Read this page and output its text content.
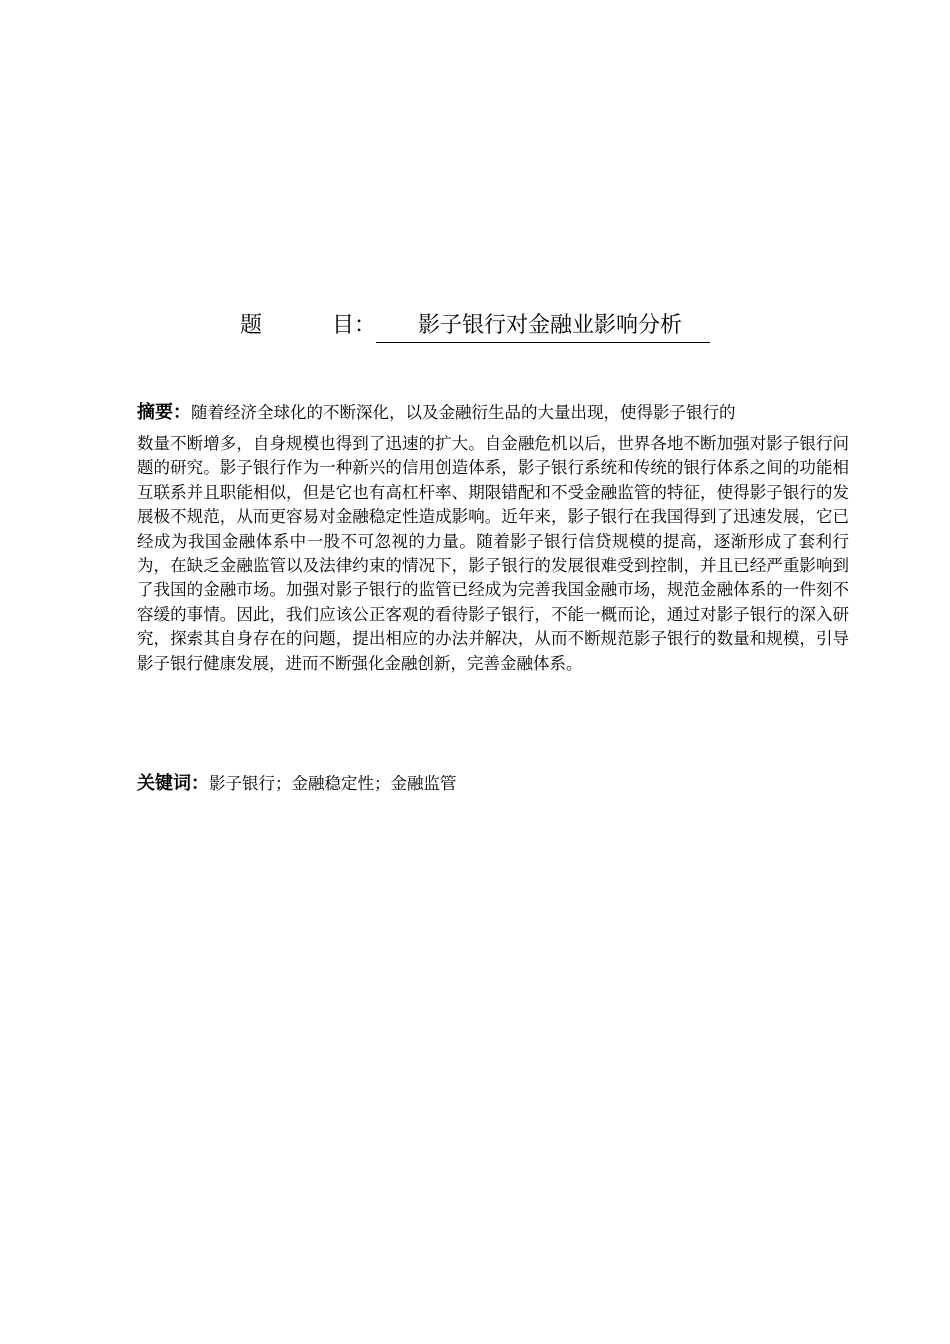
题	目： 影子银行对金融业影响分析
摘要：随着经济全球化的不断深化，以及金融衍生品的大量出现，使得影子银行的
数量不断增多，自身规模也得到了迅速的扩大。自金融危机以后，世界各地不断加强对影子银行问题的研究。影子银行作为一种新兴的信用创造体系，影子银行系统和传统的银行体系之间的功能相互联系并且职能相似，但是它也有高杠杆率、期限错配和不受金融监管的特征，使得影子银行的发展极不规范，从而更容易对金融稳定性造成影响。近年来，影子银行在我国得到了迅速发展，它已经成为我国金融体系中一股不可忽视的力量。随着影子银行信贷规模的提高，逐渐形成了套利行为，在缺乏金融监管以及法律约束的情况下，影子银行的发展很难受到控制，并且已经严重影响到了我国的金融市场。加强对影子银行的监管已经成为完善我国金融市场，规范金融体系的一件刻不容缓的事情。因此，我们应该公正客观的看待影子银行，不能一概而论，通过对影子银行的深入研究，探索其自身存在的问题，提出相应的办法并解决，从而不断规范影子银行的数量和规模，引导影子银行健康发展，进而不断强化金融创新，完善金融体系。
关键词：影子银行；金融稳定性；金融监管
